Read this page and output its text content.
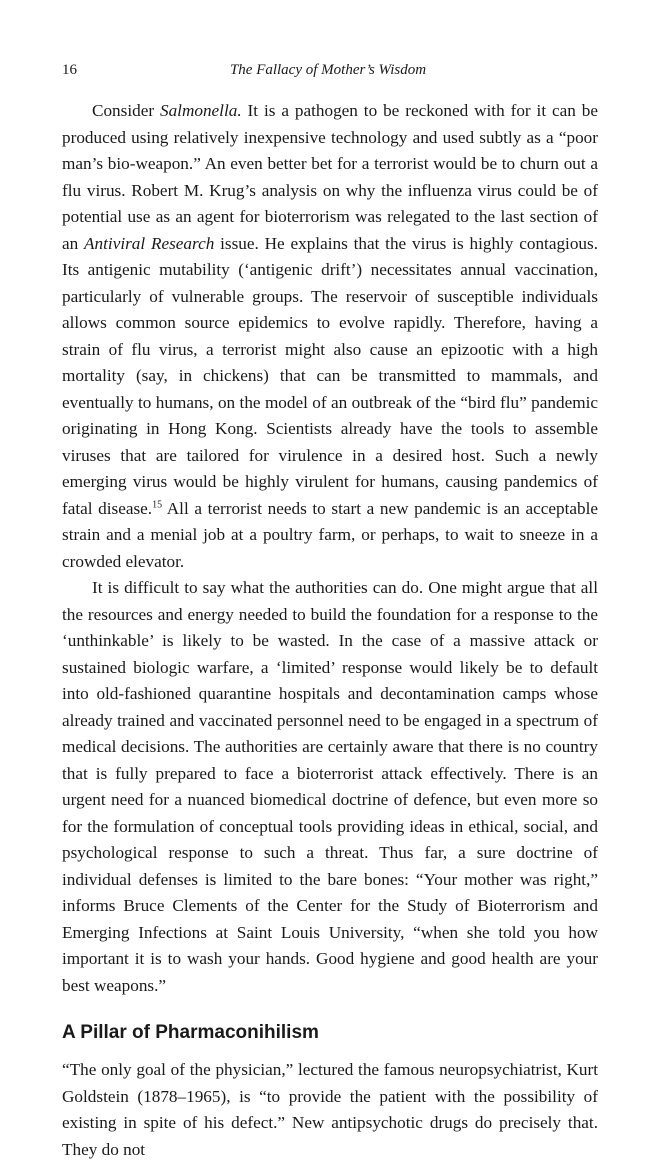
16	The Fallacy of Mother’s Wisdom

Consider Salmonella. It is a pathogen to be reckoned with for it can be produced using relatively inexpensive technology and used subtly as a “poor man’s bio-weapon.” An even better bet for a terrorist would be to churn out a flu virus. Robert M. Krug’s analysis on why the influenza virus could be of potential use as an agent for bioterrorism was relegated to the last section of an Antiviral Research issue. He explains that the virus is highly contagious. Its antigenic mutability (‘antigenic drift’) necessitates annual vaccination, particularly of vulnerable groups. The reservoir of susceptible individuals allows common source epidemics to evolve rapidly. Therefore, having a strain of flu virus, a terrorist might also cause an epizootic with a high mortality (say, in chickens) that can be transmitted to mammals, and eventually to humans, on the model of an outbreak of the “bird flu” pandemic originating in Hong Kong. Scientists already have the tools to assemble viruses that are tailored for virulence in a desired host. Such a newly emerging virus would be highly virulent for humans, causing pandemics of fatal disease.$^{15}$ All a terrorist needs to start a new pandemic is an acceptable strain and a menial job at a poultry farm, or perhaps, to wait to sneeze in a crowded elevator.

It is difficult to say what the authorities can do. One might argue that all the resources and energy needed to build the foundation for a response to the ‘unthinkable’ is likely to be wasted. In the case of a massive attack or sustained biologic warfare, a ‘limited’ response would likely be to default into old-fashioned quarantine hospitals and decontamination camps whose already trained and vaccinated personnel need to be engaged in a spectrum of medical decisions. The authorities are certainly aware that there is no country that is fully prepared to face a bioterrorist attack effectively. There is an urgent need for a nuanced biomedical doctrine of defence, but even more so for the formulation of conceptual tools providing ideas in ethical, social, and psychological response to such a threat. Thus far, a sure doctrine of individual defenses is limited to the bare bones: “Your mother was right,” informs Bruce Clements of the Center for the Study of Bioterrorism and Emerging Infections at Saint Louis University, “when she told you how important it is to wash your hands. Good hygiene and good health are your best weapons.”

A Pillar of Pharmaconihilism

“The only goal of the physician,” lectured the famous neuropsychiatrist, Kurt Goldstein (1878–1965), is “to provide the patient with the possibility of existing in spite of his defect.” New antipsychotic drugs do precisely that. They do not
